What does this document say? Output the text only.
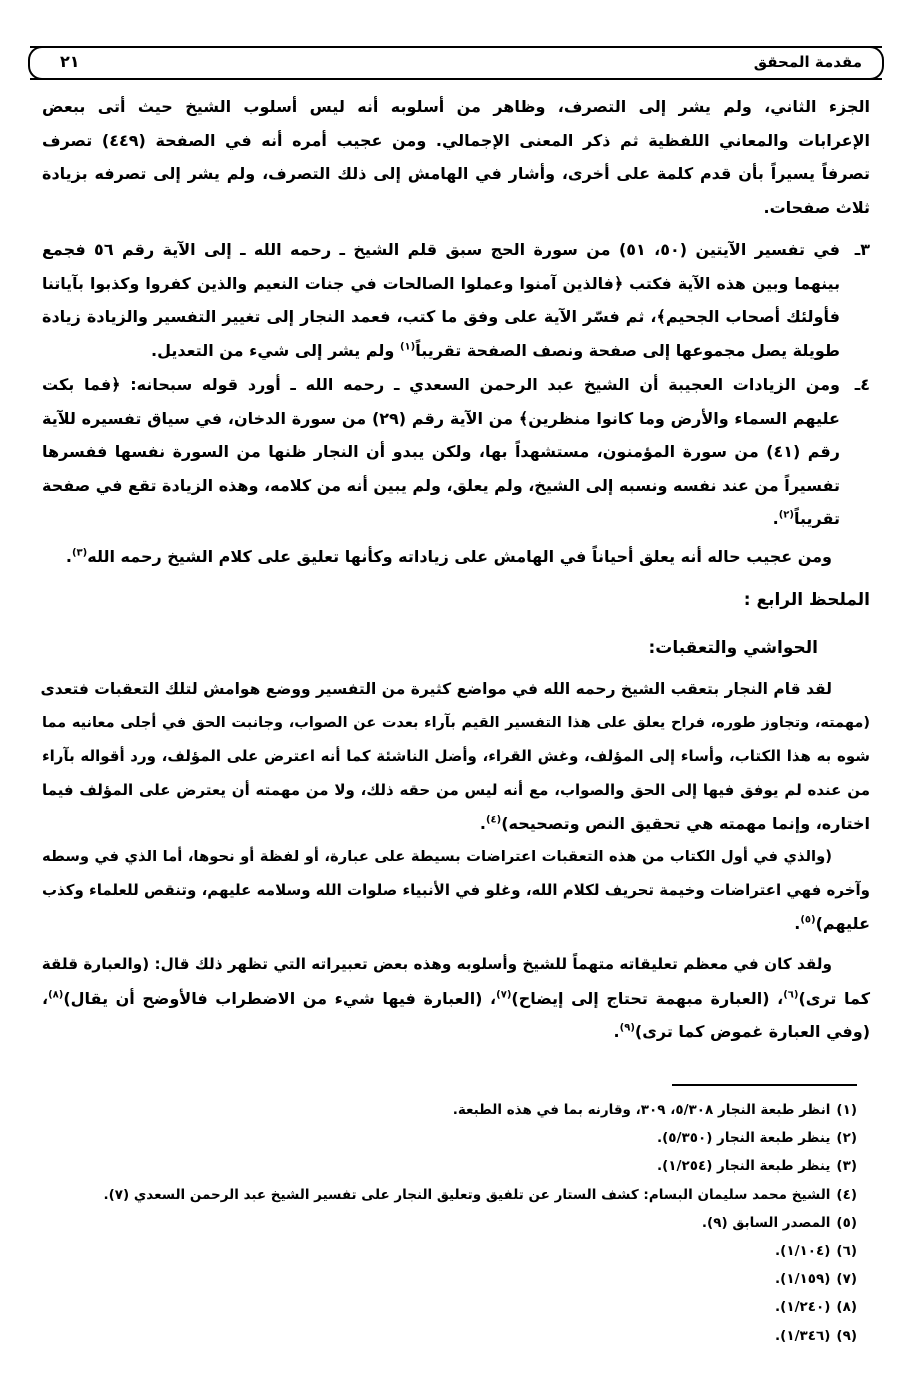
مقدمة المحقق
٢١
الجزء الثاني، ولم يشر إلى التصرف، وظاهر من أسلوبه أنه ليس أسلوب الشيخ حيث أتى ببعض
الإعرابات والمعاني اللفظية ثم ذكر المعنى الإجمالي. ومن عجيب أمره أنه في الصفحة (٤٤٩) تصرف
تصرفاً يسيراً بأن قدم كلمة على أخرى، وأشار في الهامش إلى ذلك التصرف، ولم يشر إلى تصرفه بزيادة
ثلاث صفحات.
٣ـ
في تفسير الآيتين (٥٠، ٥١) من سورة الحج سبق قلم الشيخ ـ رحمه الله ـ إلى الآية رقم ٥٦ فجمع
بينهما وبين هذه الآية فكتب ﴿فالذين آمنوا وعملوا الصالحات في جنات النعيم والذين كفروا وكذبوا بآياتنا
فأولئك أصحاب الجحيم﴾، ثم فسّر الآية على وفق ما كتب، فعمد النجار إلى تغيير التفسير والزيادة زيادة
طويلة يصل مجموعها إلى صفحة ونصف الصفحة تقريباً$^{(١)}$ ولم يشر إلى شيء من التعديل.
٤ـ
ومن الزيادات العجيبة أن الشيخ عبد الرحمن السعدي ـ رحمه الله ـ أورد قوله سبحانه: ﴿فما بكت
عليهم السماء والأرض وما كانوا منظرين﴾ من الآية رقم (٢٩) من سورة الدخان، في سياق تفسيره للآية
رقم (٤١) من سورة المؤمنون، مستشهداً بها، ولكن يبدو أن النجار ظنها من السورة نفسها ففسرها
تفسيراً من عند نفسه ونسبه إلى الشيخ، ولم يعلق، ولم يبين أنه من كلامه، وهذه الزيادة تقع في صفحة
تقريباً$^{(٢)}$.
ومن عجيب حاله أنه يعلق أحياناً في الهامش على زياداته وكأنها تعليق على كلام الشيخ رحمه الله$^{(٣)}$.
الملحظ الرابع :
الحواشي والتعقبات:
لقد قام النجار بتعقب الشيخ رحمه الله في مواضع كثيرة من التفسير ووضع هوامش لتلك التعقبات فتعدى
(مهمته، وتجاوز طوره، فراح يعلق على هذا التفسير القيم بآراء بعدت عن الصواب، وجانبت الحق في أجلى معانيه مما
شوه به هذا الكتاب، وأساء إلى المؤلف، وغش القراء، وأضل الناشئة كما أنه اعترض على المؤلف، ورد أقواله بآراء
من عنده لم يوفق فيها إلى الحق والصواب، مع أنه ليس من حقه ذلك، ولا من مهمته أن يعترض على المؤلف فيما
اختاره، وإنما مهمته هي تحقيق النص وتصحيحه)$^{(٤)}$.
(والذي في أول الكتاب من هذه التعقبات اعتراضات بسيطة على عبارة، أو لفظة أو نحوها، أما الذي في وسطه
وآخره فهي اعتراضات وخيمة تحريف لكلام الله، وغلو في الأنبياء صلوات الله وسلامه عليهم، وتنقص للعلماء وكذب
عليهم)$^{(٥)}$.
ولقد كان في معظم تعليقاته متهماً للشيخ وأسلوبه وهذه بعض تعبيراته التي تظهر ذلك قال: (والعبارة قلقة
كما ترى)$^{(٦)}$، (العبارة مبهمة تحتاج إلى إيضاح)$^{(٧)}$، (العبارة فيها شيء من الاضطراب فالأوضح أن يقال)$^{(٨)}$،
(وفي العبارة غموض كما ترى)$^{(٩)}$.
(١)انظر طبعة النجار ٥/٣٠٨، ٣٠٩، وقارنه بما في هذه الطبعة.
(٢)ينظر طبعة النجار (٥/٣٥٠).
(٣)ينظر طبعة النجار (١/٢٥٤).
(٤)الشيخ محمد سليمان البسام: كشف الستار عن تلفيق وتعليق النجار على تفسير الشيخ عبد الرحمن السعدي (٧).
(٥)المصدر السابق (٩).
(٦)(١/١٠٤).
(٧)(١/١٥٩).
(٨)(١/٢٤٠).
(٩)(١/٣٤٦).
